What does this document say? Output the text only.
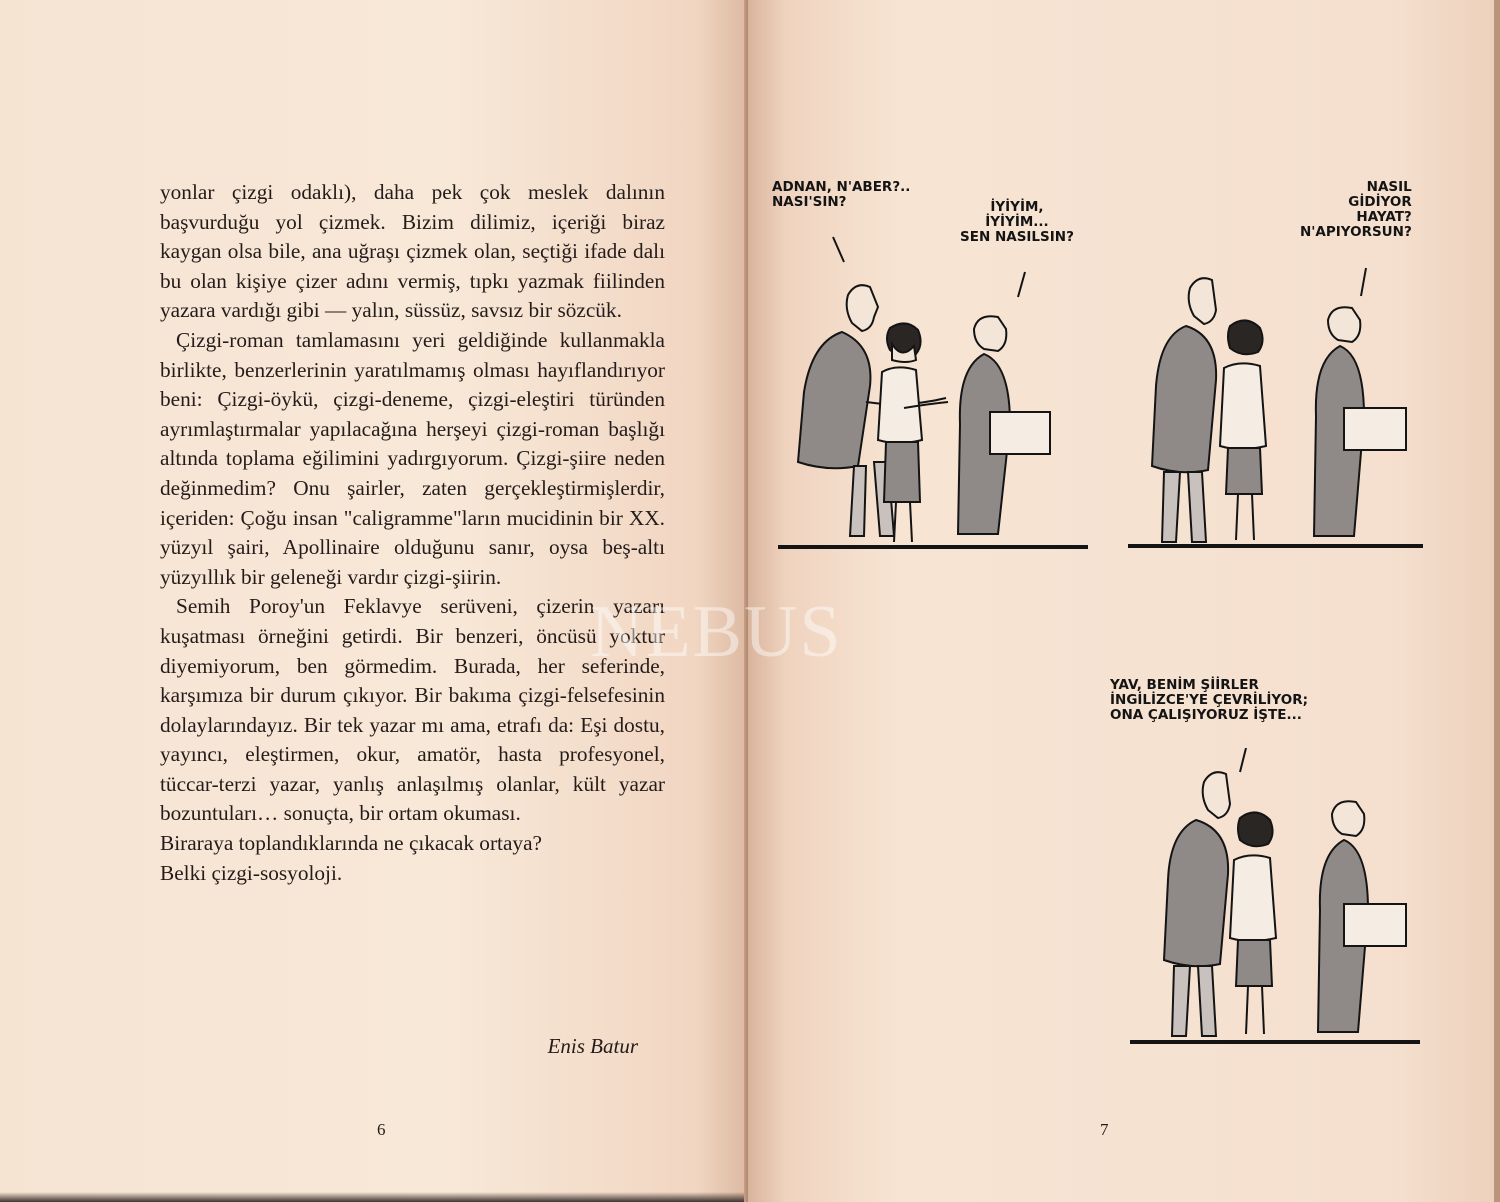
yonlar çizgi odaklı), daha pek çok meslek dalının başvurduğu yol çizmek. Bizim dilimiz, içeriği biraz kaygan olsa bile, ana uğraşı çizmek olan, seçtiği ifade dalı bu olan kişiye çizer adını vermiş, tıpkı yazmak fiilinden yazara vardığı gibi — yalın, süssüz, savsız bir sözcük.

Çizgi-roman tamlamasını yeri geldiğinde kullanmakla birlikte, benzerlerinin yaratılmamış olması hayıflandırıyor beni: Çizgi-öykü, çizgi-deneme, çizgi-eleştiri türünden ayrımlaştırmalar yapılacağına herşeyi çizgi-roman başlığı altında toplama eğilimini yadırgıyorum. Çizgi-şiire neden değinmedim? Onu şairler, zaten gerçekleştirmişlerdir, içeriden: Çoğu insan "caligramme"ların mucidinin bir XX. yüzyıl şairi, Apollinaire olduğunu sanır, oysa beş-altı yüzyıllık bir geleneği vardır çizgi-şiirin.

Semih Poroy'un Feklavye serüveni, çizerin yazarı kuşatması örneğini getirdi. Bir benzeri, öncüsü yoktur diyemiyorum, ben görmedim. Burada, her seferinde, karşımıza bir durum çıkıyor. Bir bakıma çizgi-felsefesinin dolaylarındayız. Bir tek yazar mı ama, etrafı da: Eşi dostu, yayıncı, eleştirmen, okur, amatör, hasta profesyonel, tüccar-terzi yazar, yanlış anlaşılmış olanlar, kült yazar bozuntuları… sonuçta, bir ortam okuması.

Biraraya toplandıklarında ne çıkacak ortaya?

Belki çizgi-sosyoloji.

Enis Batur
6
ADNAN, N'ABER?..
NASI'SIN?	İYİYİM,
İYİYİM...
SEN NASILSIN?
NASIL
GİDİYOR
HAYAT?
N'APIYORSUN?
YAV, BENİM ŞİİRLER
İNGİLİZCE'YE ÇEVRİLİYOR;
ONA ÇALIŞIYORUZ İŞTE...
NEBUS
7
